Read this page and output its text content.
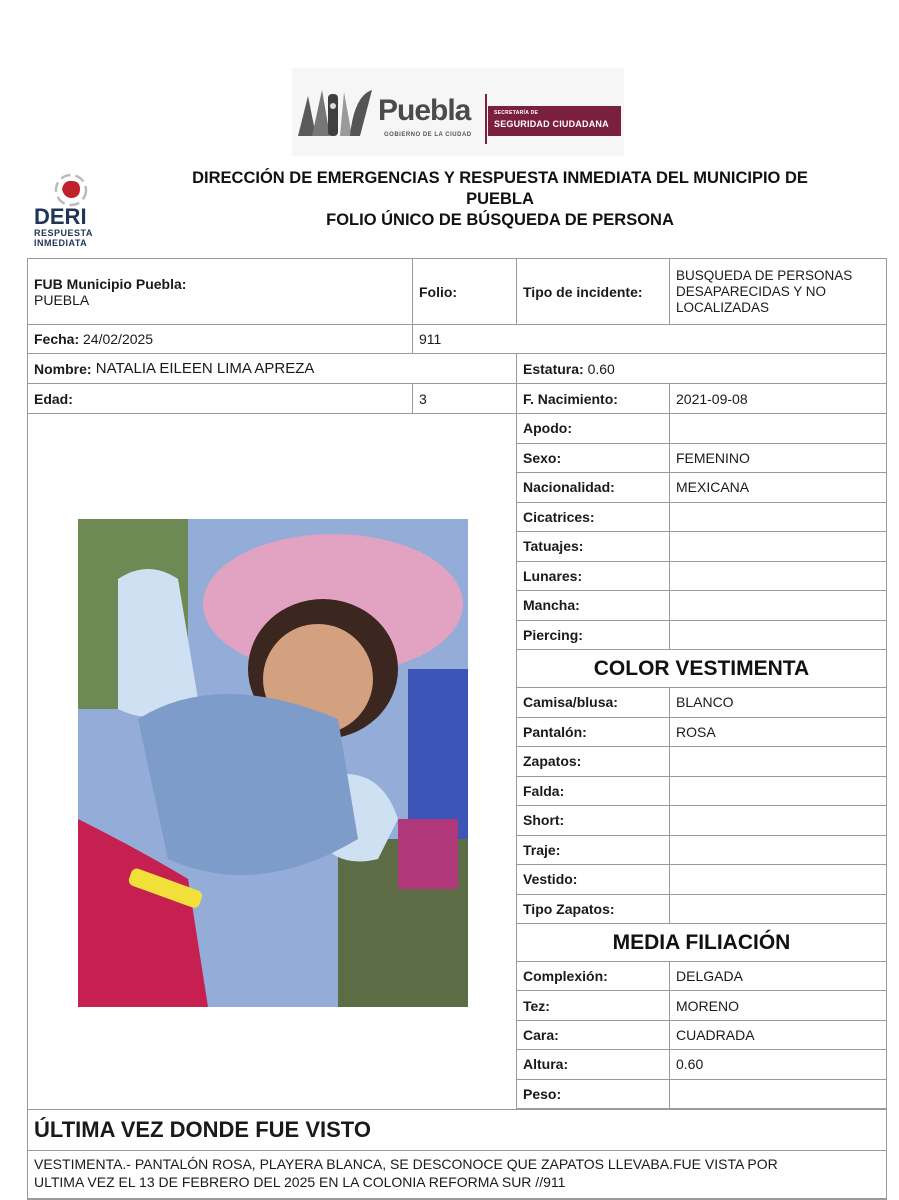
Puebla
GOBIERNO DE LA CIUDAD
SECRETARÍA DE
SEGURIDAD CIUDADANA
DERI
RESPUESTA
INMEDIATA
DIRECCIÓN DE EMERGENCIAS Y RESPUESTA INMEDIATA DEL MUNICIPIO DE
PUEBLA
FOLIO ÚNICO DE BÚSQUEDA DE PERSONA
FUB Municipio Puebla:
PUEBLA	Folio:	Tipo de incidente:
BUSQUEDA DE PERSONAS DESAPARECIDAS Y NO LOCALIZADAS
Fecha:
24/02/2025	911
Nombre:
NATALIA EILEEN LIMA APREZA	Estatura:
0.60
Edad:	3	F. Nacimiento:	2021-09-08
Apodo:
Sexo:	FEMENINO
Nacionalidad:	MEXICANA
Cicatrices:
Tatuajes:
Lunares:
Mancha:
Piercing:
COLOR VESTIMENTA
Camisa/blusa:	BLANCO
Pantalón:	ROSA
Zapatos:
Falda:
Short:
Traje:
Vestido:
Tipo Zapatos:
MEDIA FILIACIÓN
Complexión:	DELGADA
Tez:	MORENO
Cara:	CUADRADA
Altura:	0.60
Peso:
ÚLTIMA VEZ DONDE FUE VISTO
VESTIMENTA.- PANTALÓN ROSA, PLAYERA BLANCA, SE DESCONOCE QUE ZAPATOS LLEVABA.FUE VISTA POR
ULTIMA VEZ EL 13 DE FEBRERO DEL 2025 EN LA COLONIA REFORMA SUR //911
